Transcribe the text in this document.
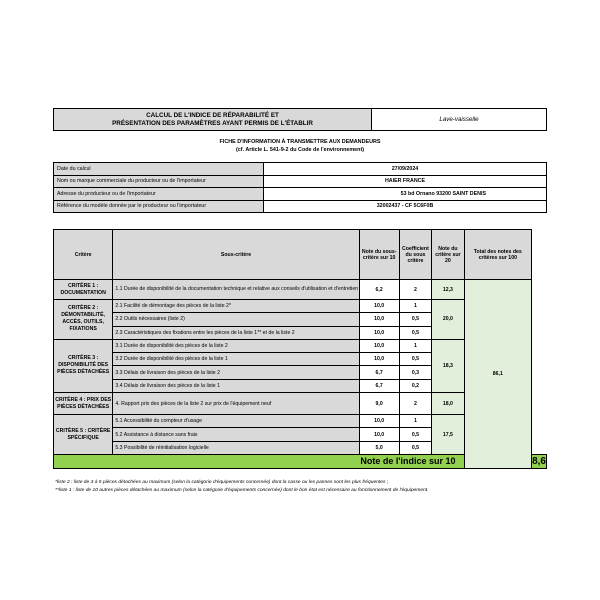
CALCUL DE L'INDICE DE RÉPARABILITÉ ET
PRÉSENTATION DES PARAMÈTRES AYANT PERMIS DE L'ÉTABLIR	Lave-vaisselle
FICHE D'INFORMATION À TRANSMETTRE AUX DEMANDEURS
(cf. Article L. 541-9-2 du Code de l'environnement)
Date du calcul	27/09/2024
Nom ou marque commerciale du producteur ou de l'importateur	HAIER FRANCE
Adresse du producteur ou de l'importateur	53 bd Ornano 93200 SAINT DENIS
Référence du modèle donnée par le producteur ou l'importateur	32002437 - CF 5C6F0B
Critère	Sous-critère	Note du sous-critère sur 10	Coefficient du sous critère	Note du critère sur 20	Total des notes des critères sur 100	
CRITÈRE 1 : DOCUMENTATION	1.1 Durée de disponibilité de la documentation technique et relative aux conseils d'utilisation et d'entretien	6,2	2	12,3	86,1	
CRITÈRE 2 : DÉMONTABILITÉ, ACCÈS, OUTILS, FIXATIONS	2.1 Facilité de démontage des pièces de la liste 2*	10,0	1	20,0		
	2.2 Outils nécessaires (liste 2)	10,0	0,5			
	2.3 Caractéristiques des fixations entre les pièces de la liste 1** et de la liste 2	10,0	0,5			
CRITÈRE 3 : DISPONIBILITÉ DES PIÈCES DÉTACHÉES	3.1 Durée de disponibilité des pièces de la liste 2	10,0	1	18,3		
	3.2 Durée de disponibilité des pièces de la liste 1	10,0	0,5			
	3.3 Délais de livraison des pièces de la liste 2	6,7	0,3			
	3.4 Délais de livraison des pièces de la liste 1	6,7	0,2			
CRITÈRE 4 : PRIX DES PIÈCES DÉTACHÉES	4. Rapport prix des pièces de la liste 2 sur prix de l'équipement neuf	9,0	2	18,0		
CRITÈRE 5 : CRITÈRE SPÉCIFIQUE	5.1 Accessibilité du compteur d'usage	10,0	1	17,5		
	5.2 Assistance à distance sans frais	10,0	0,5			
	5.3 Possibilité de réinitialisation logicielle	5,0	0,5			
Note de l'indice sur 10						8,6
*liste 2 : liste de 3 à 5 pièces détachées au maximum (selon la catégorie d'équipements concernée) dont la casse ou les pannes sont les plus fréquentes ;
**liste 1 : liste de 10 autres pièces détachées au maximum (selon la catégorie d'équipements concernée) dont le bon état est nécessaire au fonctionnement de l'équipement.
